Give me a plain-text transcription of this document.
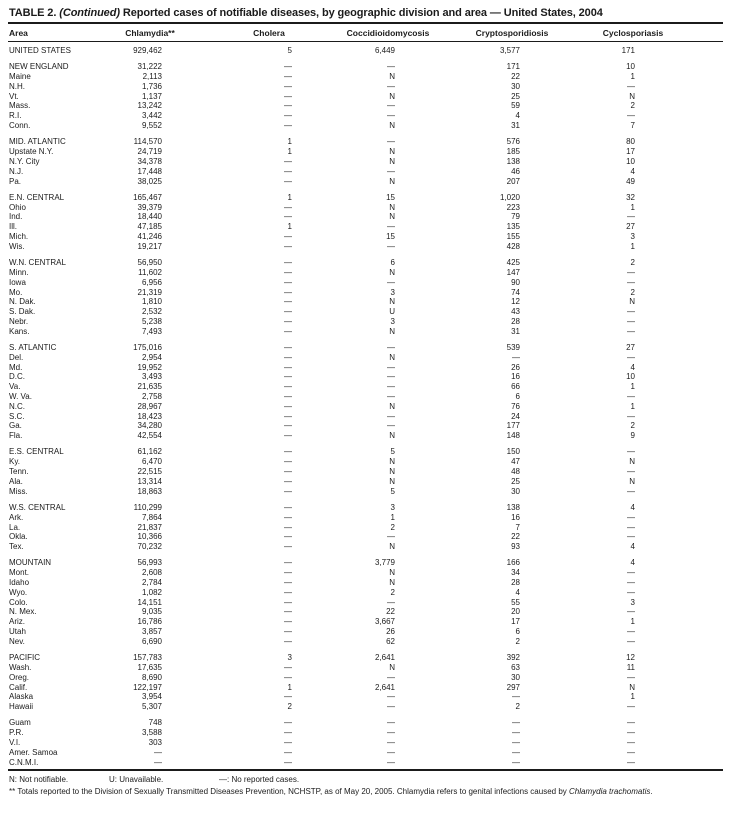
TABLE 2. (Continued) Reported cases of notifiable diseases, by geographic division and area — United States, 2004
Area	Chlamydia**	Cholera	Coccidioidomycosis	Cryptosporidiosis	Cyclosporiasis	
UNITED STATES	929,462	5	6,449	3,577	171	

NEW ENGLAND	31,222	—	—	171	10	
Maine	2,113	—	N	22	1	
N.H.	1,736	—	—	30	—	
Vt.	1,137	—	N	25	N	
Mass.	13,242	—	—	59	2	
R.I.	3,442	—	—	4	—	
Conn.	9,552	—	N	31	7	

MID. ATLANTIC	114,570	1	—	576	80	
Upstate N.Y.	24,719	1	N	185	17	
N.Y. City	34,378	—	N	138	10	
N.J.	17,448	—	—	46	4	
Pa.	38,025	—	N	207	49	

E.N. CENTRAL	165,467	1	15	1,020	32	
Ohio	39,379	—	N	223	1	
Ind.	18,440	—	N	79	—	
Ill.	47,185	1	—	135	27	
Mich.	41,246	—	15	155	3	
Wis.	19,217	—	—	428	1	

W.N. CENTRAL	56,950	—	6	425	2	
Minn.	11,602	—	N	147	—	
Iowa	6,956	—	—	90	—	
Mo.	21,319	—	3	74	2	
N. Dak.	1,810	—	N	12	N	
S. Dak.	2,532	—	U	43	—	
Nebr.	5,238	—	3	28	—	
Kans.	7,493	—	N	31	—	

S. ATLANTIC	175,016	—	—	539	27	
Del.	2,954	—	N	—	—	
Md.	19,952	—	—	26	4	
D.C.	3,493	—	—	16	10	
Va.	21,635	—	—	66	1	
W. Va.	2,758	—	—	6	—	
N.C.	28,967	—	N	76	1	
S.C.	18,423	—	—	24	—	
Ga.	34,280	—	—	177	2	
Fla.	42,554	—	N	148	9	

E.S. CENTRAL	61,162	—	5	150	—	
Ky.	6,470	—	N	47	N	
Tenn.	22,515	—	N	48	—	
Ala.	13,314	—	N	25	N	
Miss.	18,863	—	5	30	—	

W.S. CENTRAL	110,299	—	3	138	4	
Ark.	7,864	—	1	16	—	
La.	21,837	—	2	7	—	
Okla.	10,366	—	—	22	—	
Tex.	70,232	—	N	93	4	

MOUNTAIN	56,993	—	3,779	166	4	
Mont.	2,608	—	N	34	—	
Idaho	2,784	—	N	28	—	
Wyo.	1,082	—	2	4	—	
Colo.	14,151	—	—	55	3	
N. Mex.	9,035	—	22	20	—	
Ariz.	16,786	—	3,667	17	1	
Utah	3,857	—	26	6	—	
Nev.	6,690	—	62	2	—	

PACIFIC	157,783	3	2,641	392	12	
Wash.	17,635	—	N	63	11	
Oreg.	8,690	—	—	30	—	
Calif.	122,197	1	2,641	297	N	
Alaska	3,954	—	—	—	1	
Hawaii	5,307	2	—	2	—	

Guam	748	—	—	—	—	
P.R.	3,588	—	—	—	—	
V.I.	303	—	—	—	—	
Amer. Samoa	—	—	—	—	—	
C.N.M.I.	—	—	—	—	—	
N: Not notifiable.	U: Unavailable.	—: No reported cases.
** Totals reported to the Division of Sexually Transmitted Diseases Prevention, NCHSTP, as of May 20, 2005. Chlamydia refers to genital infections caused by Chlamydia trachomatis.
